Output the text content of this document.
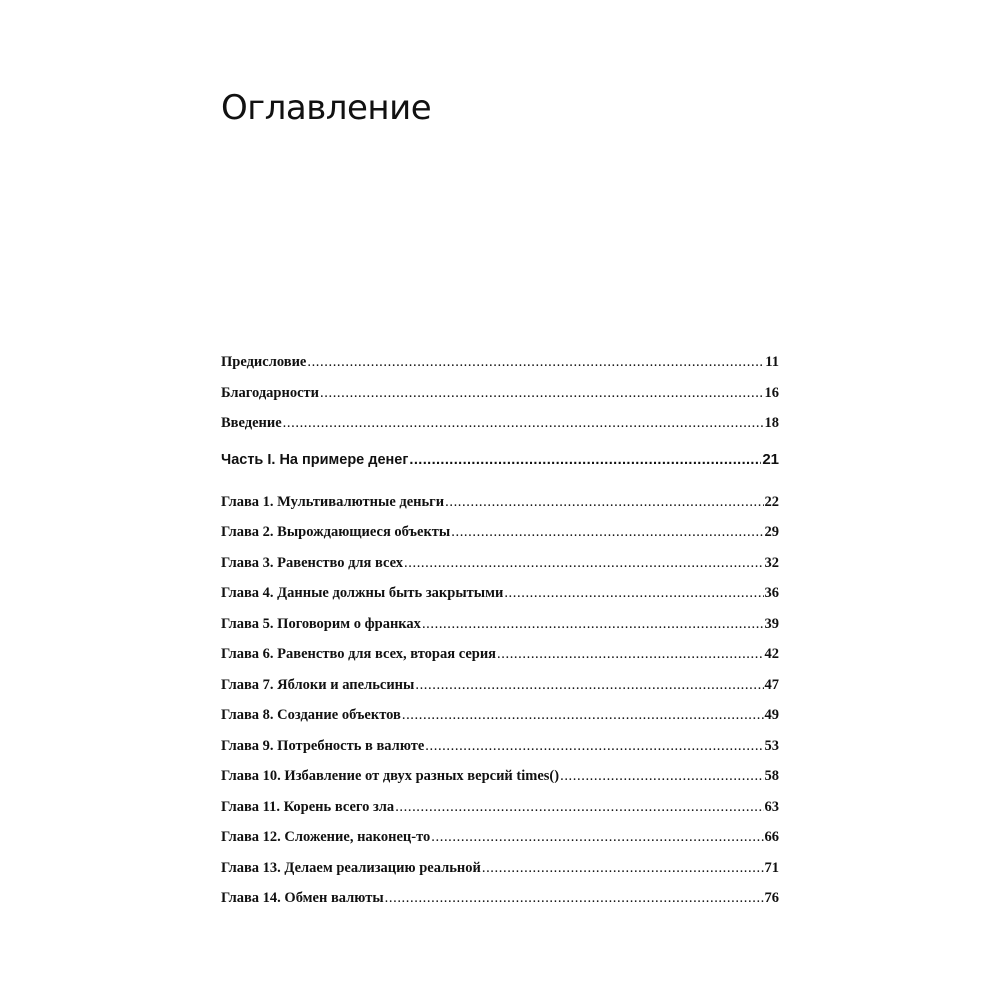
Оглавление
Предисловие .....	11
Благодарности .....	16
Введение .....	18
Часть I. На примере денег .....	21
Глава 1. Мультивалютные деньги .....	22
Глава 2. Вырождающиеся объекты .....	29
Глава 3. Равенство для всех .....	32
Глава 4. Данные должны быть закрытыми .....	36
Глава 5. Поговорим о франках .....	39
Глава 6. Равенство для всех, вторая серия .....	42
Глава 7. Яблоки и апельсины .....	47
Глава 8. Создание объектов .....	49
Глава 9. Потребность в валюте .....	53
Глава 10. Избавление от двух разных версий times() .....	58
Глава 11. Корень всего зла .....	63
Глава 12. Сложение, наконец-то .....	66
Глава 13. Делаем реализацию реальной .....	71
Глава 14. Обмен валюты .....	76
